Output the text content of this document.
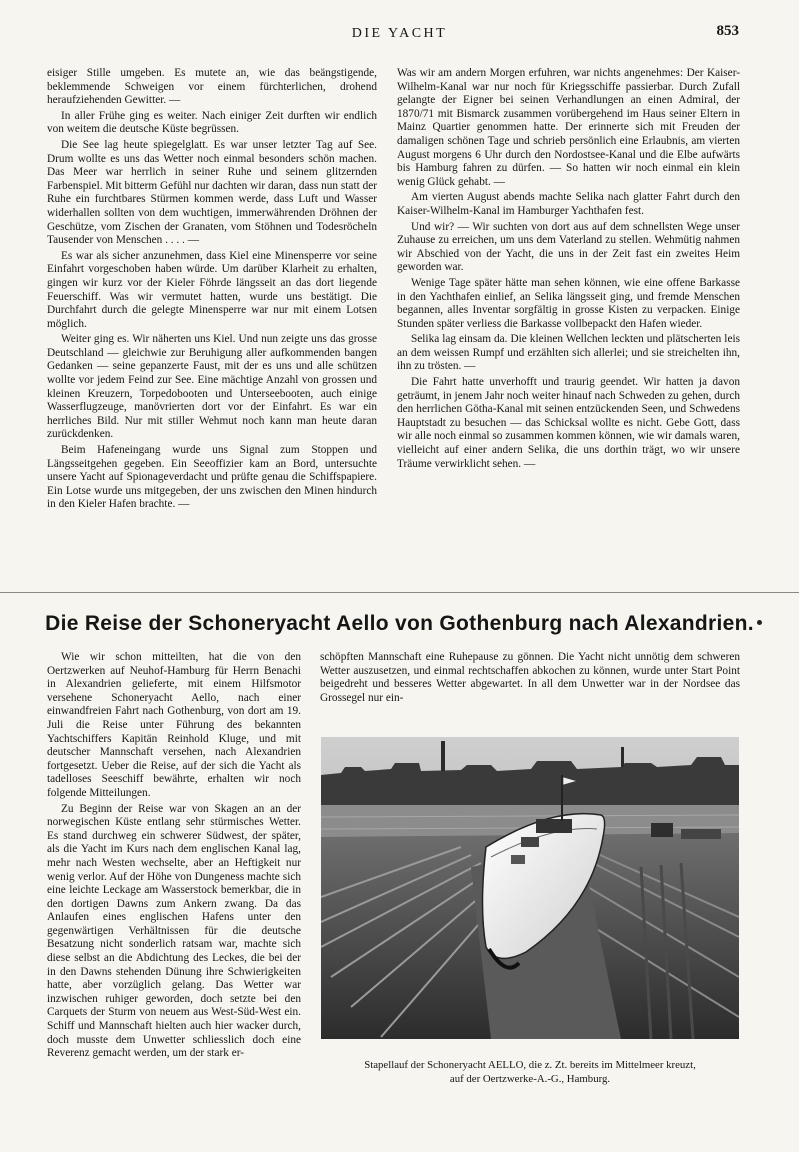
DIE YACHT	853

eisiger Stille umgeben. Es mutete an, wie das beängstigende, beklemmende Schweigen vor einem fürchterlichen, drohend heraufziehenden Gewitter. —

In aller Frühe ging es weiter. Nach einiger Zeit durften wir endlich von weitem die deutsche Küste begrüssen.

Die See lag heute spiegelglatt. Es war unser letzter Tag auf See. Drum wollte es uns das Wetter noch einmal besonders schön machen. Das Meer war herrlich in seiner Ruhe und seinem glitzernden Farbenspiel. Mit bitterm Gefühl nur dachten wir daran, dass nun statt der Ruhe ein furchtbares Stürmen kommen werde, dass Luft und Wasser widerhallen sollten von dem wuchtigen, immerwährenden Dröhnen der Geschütze, vom Zischen der Granaten, vom Stöhnen und Todesröcheln Tausender von Menschen . . . . —

Es war als sicher anzunehmen, dass Kiel eine Minensperre vor seine Einfahrt vorgeschoben haben würde. Um darüber Klarheit zu erhalten, gingen wir kurz vor der Kieler Föhrde längsseit an das dort liegende Feuerschiff. Was wir vermutet hatten, wurde uns bestätigt. Die Durchfahrt durch die gelegte Minensperre war nur mit einem Lotsen möglich.

Weiter ging es. Wir näherten uns Kiel. Und nun zeigte uns das grosse Deutschland — gleichwie zur Beruhigung aller aufkommenden bangen Gedanken — seine gepanzerte Faust, mit der es uns und alle schützen wollte vor jedem Feind zur See. Eine mächtige Anzahl von grossen und kleinen Kreuzern, Torpedobooten und Unterseebooten, auch einige Wasserflugzeuge, manövrierten dort vor der Einfahrt. Es war ein herrliches Bild. Nur mit stiller Wehmut noch kann man heute daran zurückdenken.

Beim Hafeneingang wurde uns Signal zum Stoppen und Längsseitgehen gegeben. Ein Seeoffizier kam an Bord, untersuchte unsere Yacht auf Spionageverdacht und prüfte genau die Schiffspapiere. Ein Lotse wurde uns mitgegeben, der uns zwischen den Minen hindurch in den Kieler Hafen brachte. —

Was wir am andern Morgen erfuhren, war nichts angenehmes: Der Kaiser-Wilhelm-Kanal war nur noch für Kriegsschiffe passierbar. Durch Zufall gelangte der Eigner bei seinen Verhandlungen an einen Admiral, der 1870/71 mit Bismarck zusammen vorübergehend im Haus seiner Eltern in Mainz Quartier genommen hatte. Der erinnerte sich mit Freuden der damaligen schönen Tage und schrieb persönlich eine Erlaubnis, am vierten August morgens 6 Uhr durch den Nordostsee-Kanal und die Elbe aufwärts bis Hamburg fahren zu dürfen. — So hatten wir noch einmal ein klein wenig Glück gehabt. —

Am vierten August abends machte Selika nach glatter Fahrt durch den Kaiser-Wilhelm-Kanal im Hamburger Yachthafen fest.

Und wir? — Wir suchten von dort aus auf dem schnellsten Wege unser Zuhause zu erreichen, um uns dem Vaterland zu stellen. Wehmütig nahmen wir Abschied von der Yacht, die uns in der Zeit fast ein zweites Heim geworden war.

Wenige Tage später hätte man sehen können, wie eine offene Barkasse in den Yachthafen einlief, an Selika längsseit ging, und fremde Menschen begannen, alles Inventar sorgfältig in grosse Kisten zu verpacken. Einige Stunden später verliess die Barkasse vollbepackt den Hafen wieder.

Selika lag einsam da. Die kleinen Wellchen leckten und plätscherten leis an dem weissen Rumpf und erzählten sich allerlei; und sie streichelten ihn, ihn zu trösten. —

Die Fahrt hatte unverhofft und traurig geendet. Wir hatten ja davon geträumt, in jenem Jahr noch weiter hinauf nach Schweden zu gehen, durch den herrlichen Götha-Kanal mit seinen entzückenden Seen, und Schwedens Hauptstadt zu besuchen — das Schicksal wollte es nicht. Gebe Gott, dass wir alle noch einmal so zusammen kommen können, wie wir damals waren, vielleicht auf einer andern Selika, die uns dorthin trägt, wo wir unsere Träume verwirklicht sehen. —

Die Reise der Schoneryacht Aello von Gothenburg nach Alexandrien.

Wie wir schon mitteilten, hat die von den Oertzwerken auf Neuhof-Hamburg für Herrn Benachi in Alexandrien gelieferte, mit einem Hilfsmotor versehene Schoneryacht Aello, nach einer einwandfreien Fahrt nach Gothenburg, von dort am 19. Juli die Reise unter Führung des bekannten Yachtschiffers Kapitän Reinhold Kluge, und mit deutscher Mannschaft versehen, nach Alexandrien fortgesetzt. Ueber die Reise, auf der sich die Yacht als tadelloses Seeschiff bewährte, erhalten wir noch folgende Mitteilungen.

Zu Beginn der Reise war von Skagen an an der norwegischen Küste entlang sehr stürmisches Wetter. Es stand durchweg ein schwerer Südwest, der später, als die Yacht im Kurs nach dem englischen Kanal lag, mehr nach Westen wechselte, aber an Heftigkeit nur wenig verlor. Auf der Höhe von Dungeness machte sich eine leichte Leckage am Wasserstock bemerkbar, die in den dortigen Dawns zum Ankern zwang. Da das Anlaufen eines englischen Hafens unter den gegenwärtigen Verhältnissen für die deutsche Besatzung nicht sonderlich ratsam war, machte sich diese selbst an die Abdichtung des Leckes, die bei der in den Dawns stehenden Dünung ihre Schwierigkeiten hatte, aber vorzüglich gelang. Das Wetter war inzwischen ruhiger geworden, doch setzte bei den Carquets der Sturm von neuem aus West-Süd-West ein. Schiff und Mannschaft hielten auch hier wacker durch, doch musste dem Unwetter schliesslich doch eine Reverenz gemacht werden, um der stark er-

schöpften Mannschaft eine Ruhepause zu gönnen. Die Yacht nicht unnötig dem schweren Wetter auszusetzen, und einmal rechtschaffen abkochen zu können, wurde unter Start Point beigedreht und besseres Wetter abgewartet. In all dem Unwetter war in der Nordsee das Grossegel nur ein-

Stapellauf der Schoneryacht AELLO, die z. Zt. bereits im Mittelmeer kreuzt,
auf der Oertzwerke-A.-G., Hamburg.
